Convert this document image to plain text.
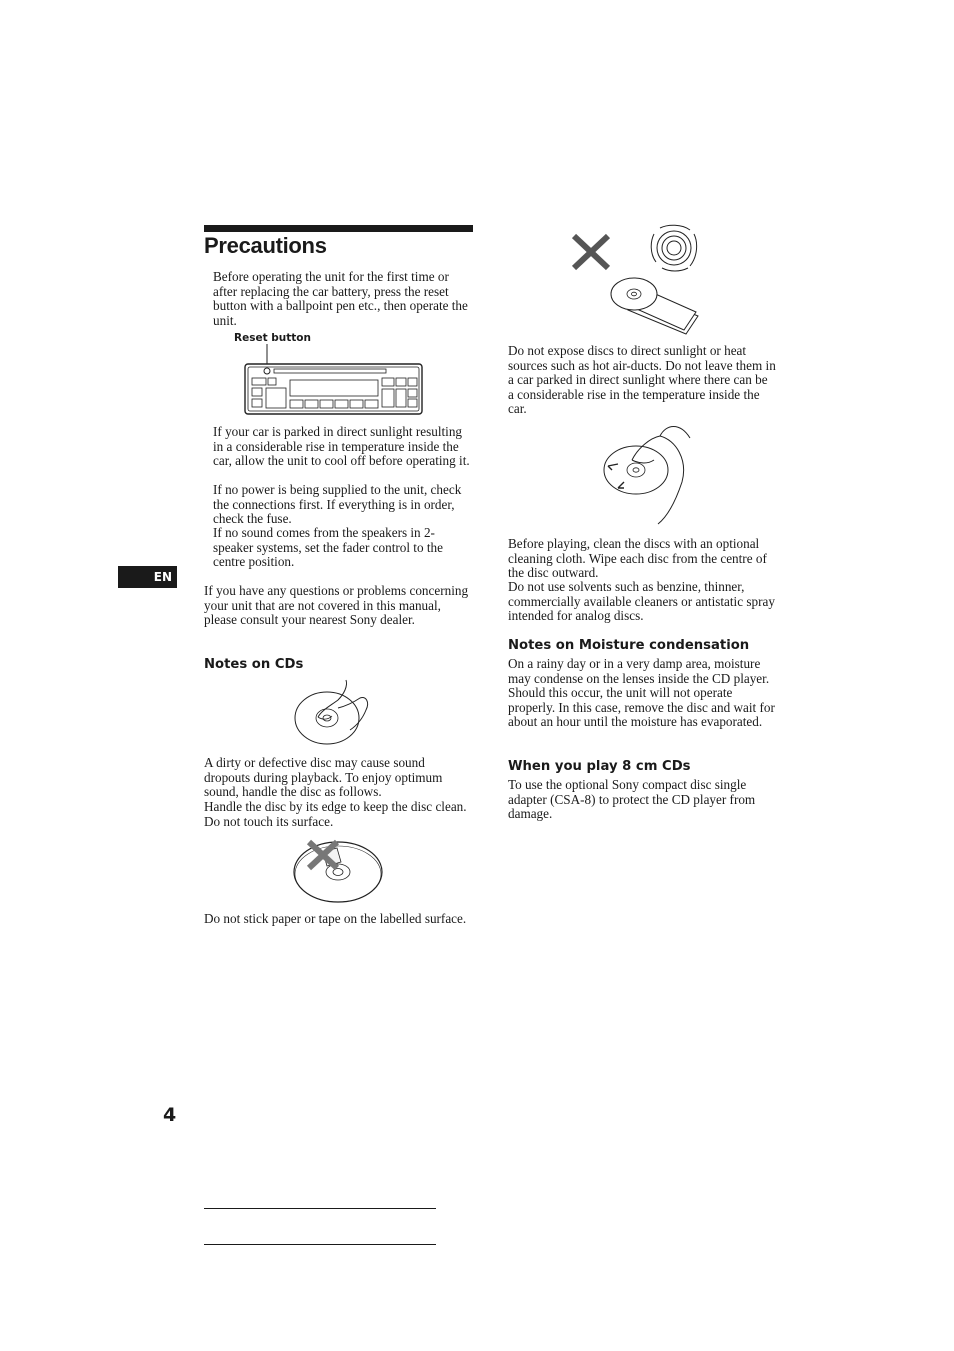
Precautions
EN

Before operating the unit for the first time or after replacing the car battery, press the reset button with a ballpoint pen etc., then operate the unit.

Reset button

If your car is parked in direct sunlight resulting in a considerable rise in temperature inside the car, allow the unit to cool off before operating it.

If no power is being supplied to the unit, check the connections first. If everything is in order, check the fuse.

If no sound comes from the speakers in 2-speaker systems, set the fader control to the centre position.

If you have any questions or problems concerning your unit that are not covered in this manual, please consult your nearest Sony dealer.

Notes on CDs

A dirty or defective disc may cause sound dropouts during playback. To enjoy optimum sound, handle the disc as follows.

Handle the disc by its edge to keep the disc clean. Do not touch its surface.

Do not stick paper or tape on the labelled surface.

Do not expose discs to direct sunlight or heat sources such as hot air-ducts. Do not leave them in a car parked in direct sunlight where there can be a considerable rise in the temperature inside the car.

Before playing, clean the discs with an optional cleaning cloth. Wipe each disc from the centre of the disc outward.

Do not use solvents such as benzine, thinner, commercially available cleaners or antistatic spray intended for analog discs.

Notes on Moisture condensation

On a rainy day or in a very damp area, moisture may condense on the lenses inside the CD player. Should this occur, the unit will not operate properly. In this case, remove the disc and wait for about an hour until the moisture has evaporated.

When you play 8 cm CDs

To use the optional Sony compact disc single adapter (CSA-8) to protect the CD player from damage.

4
